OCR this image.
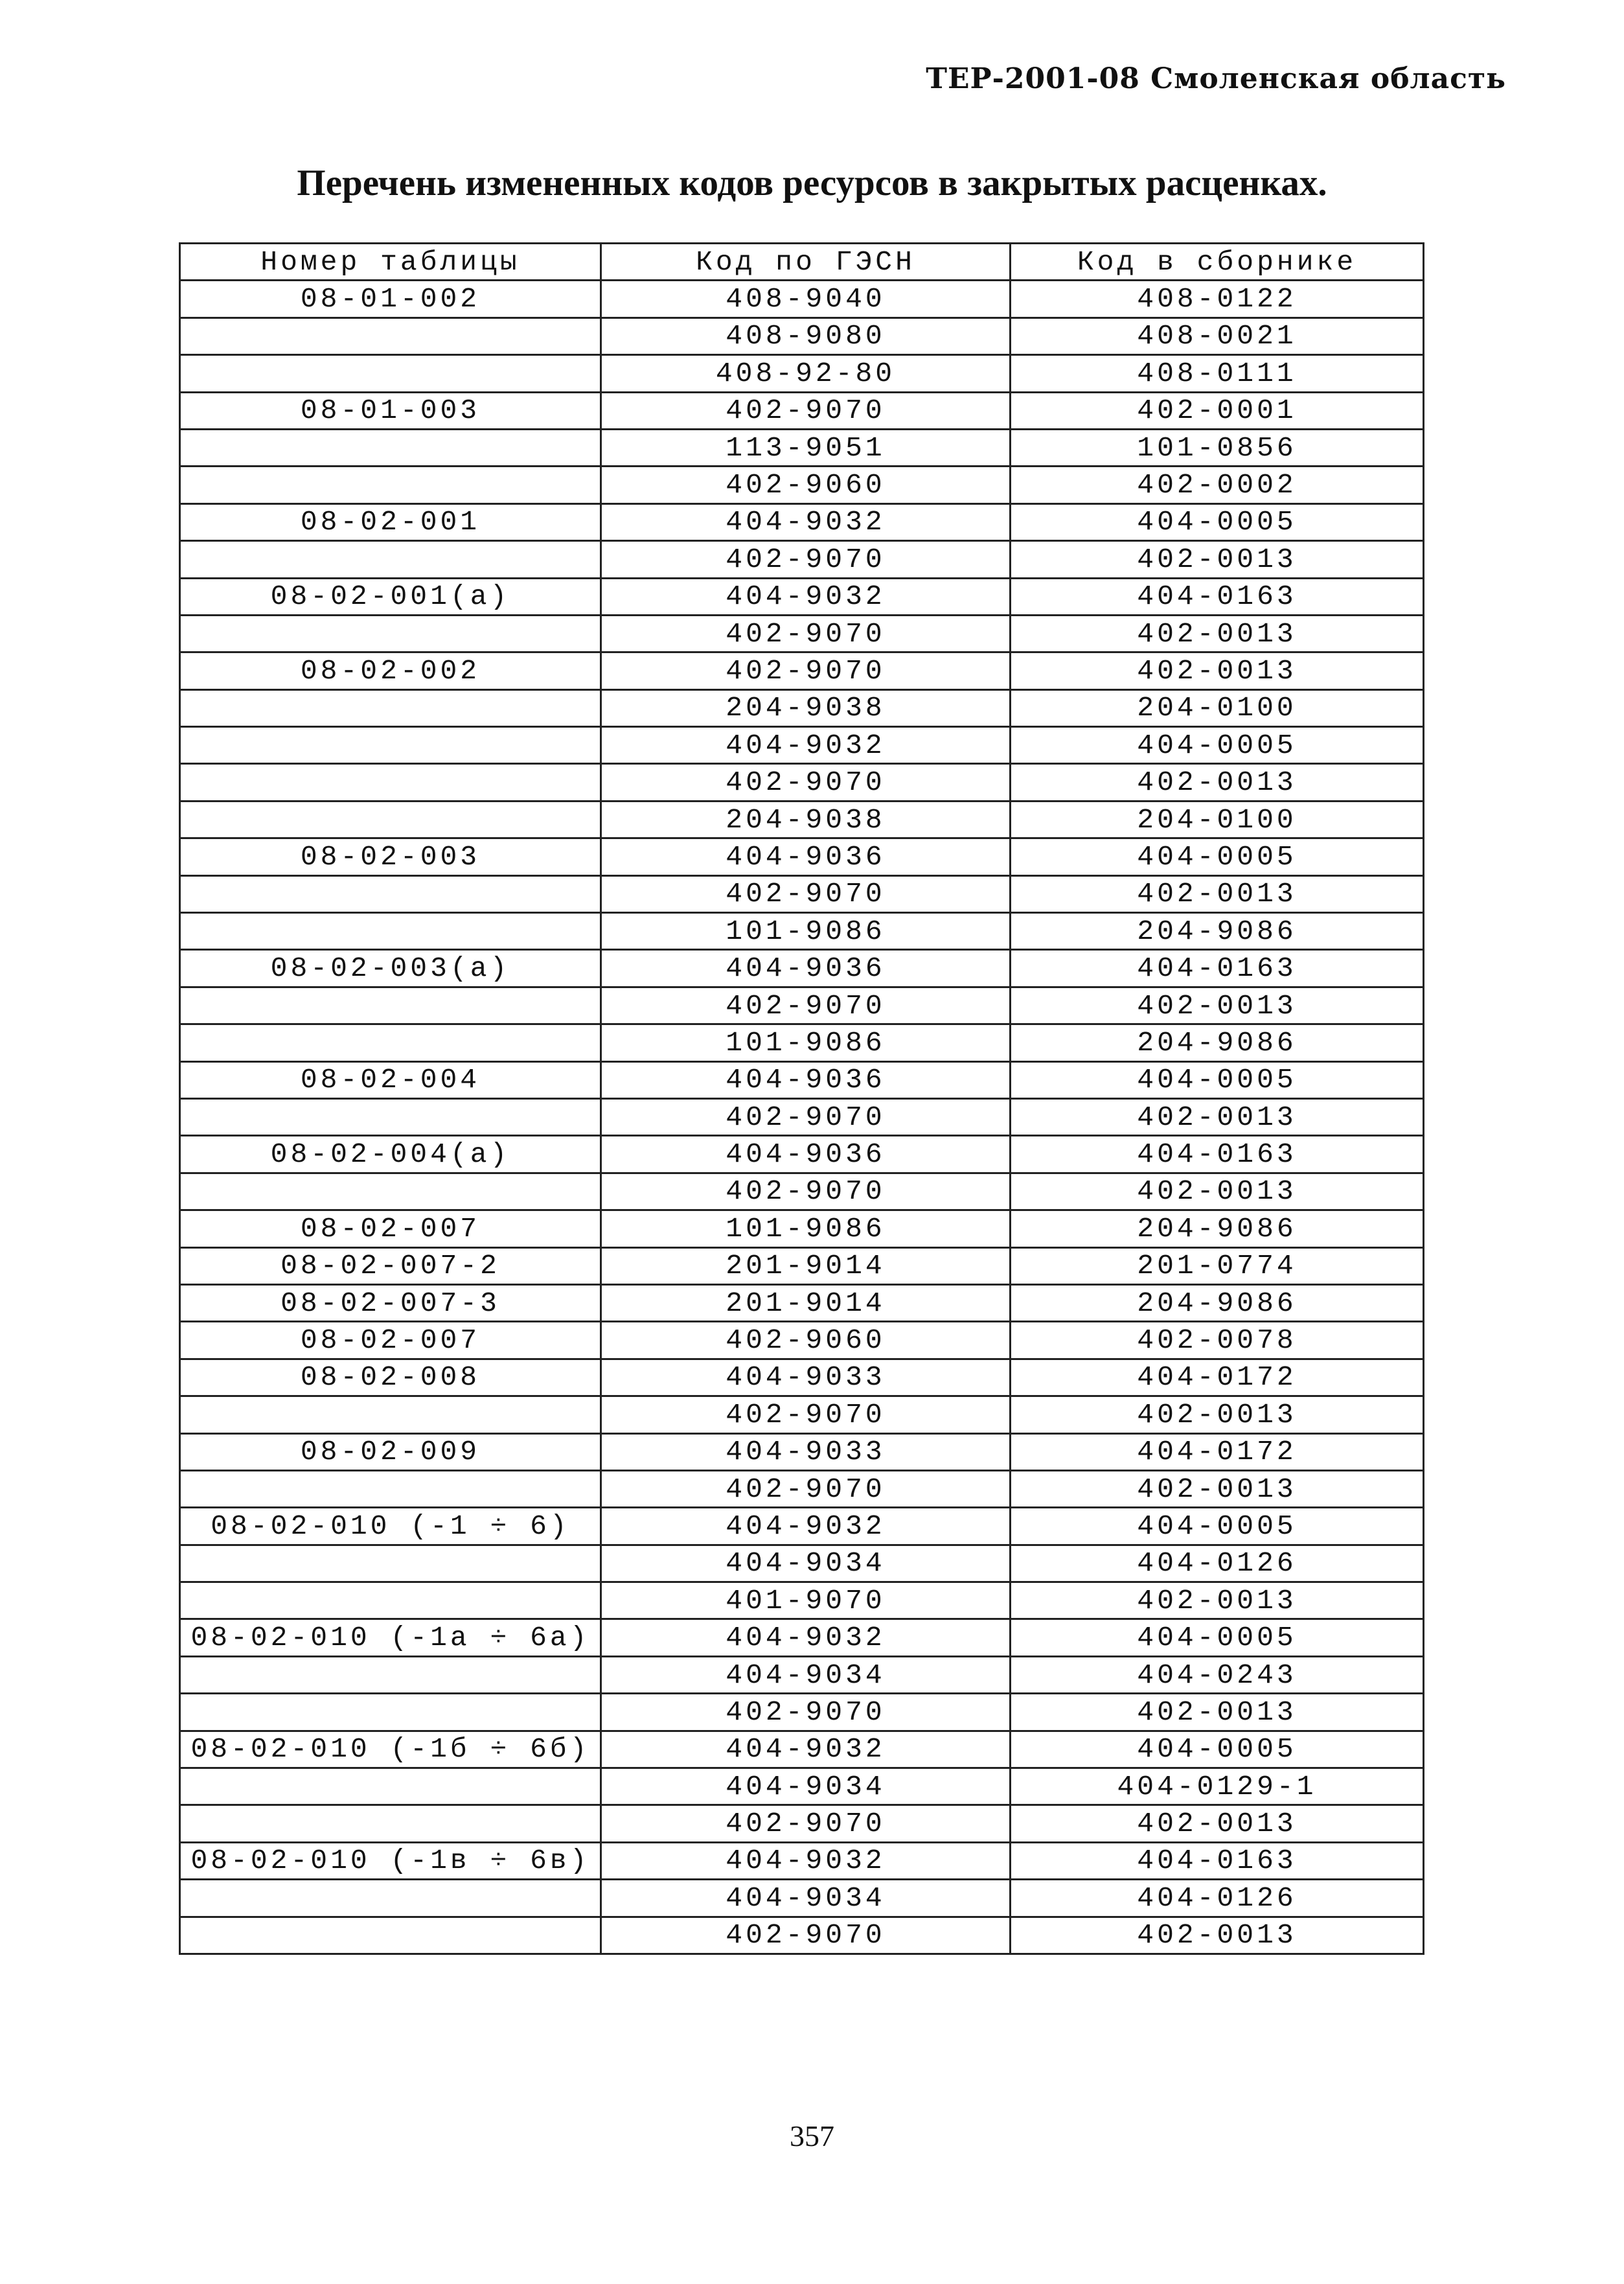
ТЕР-2001-08 Смоленская область
Перечень измененных кодов ресурсов в закрытых расценках.
Номер таблицы	Код по ГЭСН	Код в сборнике
08-01-002	408-9040	408-0122
	408-9080	408-0021
	408-92-80	408-0111
08-01-003	402-9070	402-0001
	113-9051	101-0856
	402-9060	402-0002
08-02-001	404-9032	404-0005
	402-9070	402-0013
08-02-001(а)	404-9032	404-0163
	402-9070	402-0013
08-02-002	402-9070	402-0013
	204-9038	204-0100
	404-9032	404-0005
	402-9070	402-0013
	204-9038	204-0100
08-02-003	404-9036	404-0005
	402-9070	402-0013
	101-9086	204-9086
08-02-003(а)	404-9036	404-0163
	402-9070	402-0013
	101-9086	204-9086
08-02-004	404-9036	404-0005
	402-9070	402-0013
08-02-004(а)	404-9036	404-0163
	402-9070	402-0013
08-02-007	101-9086	204-9086
08-02-007-2	201-9014	201-0774
08-02-007-3	201-9014	204-9086
08-02-007	402-9060	402-0078
08-02-008	404-9033	404-0172
	402-9070	402-0013
08-02-009	404-9033	404-0172
	402-9070	402-0013
08-02-010 (-1 ÷ 6)	404-9032	404-0005
	404-9034	404-0126
	401-9070	402-0013
08-02-010 (-1а ÷ 6а)	404-9032	404-0005
	404-9034	404-0243
	402-9070	402-0013
08-02-010 (-1б ÷ 6б)	404-9032	404-0005
	404-9034	404-0129-1
	402-9070	402-0013
08-02-010 (-1в ÷ 6в)	404-9032	404-0163
	404-9034	404-0126
	402-9070	402-0013
357
